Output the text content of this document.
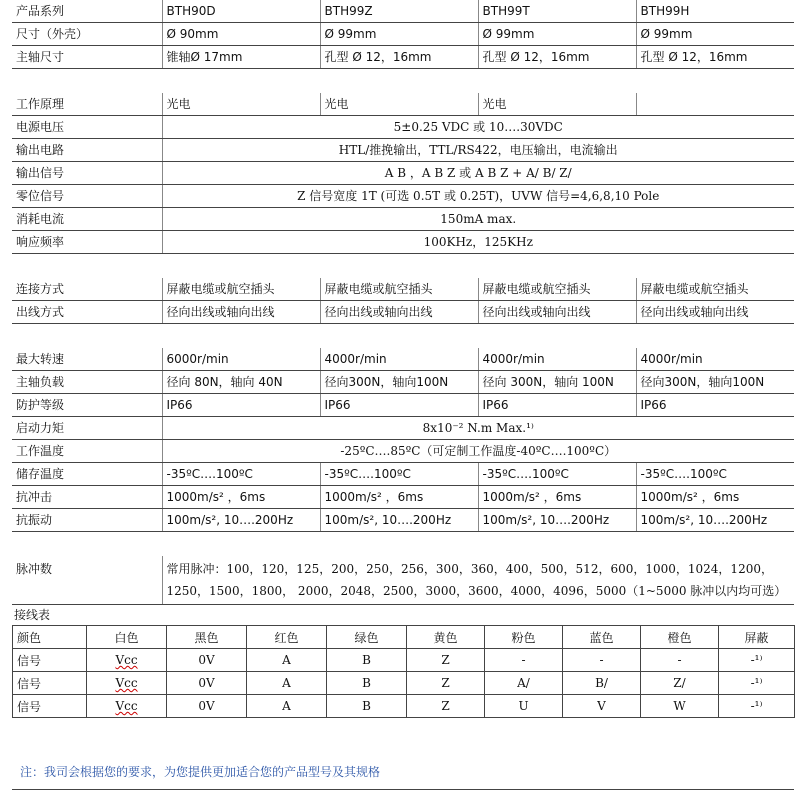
产品系列	BTH90D	BTH99Z	BTH99T	BTH99H
尺寸（外壳）	Ø 90mm	Ø 99mm	Ø 99mm	Ø 99mm
主轴尺寸	锥轴Ø 17mm	孔型 Ø 12，16mm	孔型 Ø 12，16mm	孔型 Ø 12，16mm
工作原理	光电	光电	光电	
电源电压	5±0.25 VDC 或 10….30VDC			
输出电路	HTL/推挽输出，TTL/RS422，电压输出，电流输出			
输出信号	A B ，A B Z 或 A B Z + A/ B/ Z/			
零位信号	Z 信号宽度 1T (可选 0.5T 或 0.25T)，UVW 信号=4,6,8,10 Pole			
消耗电流	150mA max.			
响应频率	100KHz，125KHz			
连接方式	屏蔽电缆或航空插头	屏蔽电缆或航空插头	屏蔽电缆或航空插头	屏蔽电缆或航空插头
出线方式	径向出线或轴向出线	径向出线或轴向出线	径向出线或轴向出线	径向出线或轴向出线
最大转速	6000r/min	4000r/min	4000r/min	4000r/min
主轴负载	径向 80N，轴向 40N	径向300N，轴向100N	径向 300N，轴向 100N	径向300N，轴向100N
防护等级	IP66	IP66	IP66	IP66
启动力矩	8x10⁻² N.m Max.¹⁾			
工作温度	-25ºC….85ºC（可定制工作温度-40ºC….100ºC）			
储存温度	-35ºC….100ºC	-35ºC….100ºC	-35ºC….100ºC	-35ºC….100ºC
抗冲击	1000m/s² ，6ms	1000m/s² ，6ms	1000m/s² ，6ms	1000m/s² ，6ms
抗振动	100m/s², 10….200Hz	100m/s², 10….200Hz	100m/s², 10….200Hz	100m/s², 10….200Hz
脉冲数	常用脉冲：100，120，125，200，250，256，300，360，400，500，512，600，1000，1024，1200，1250，1500，1800， 2000，2048，2500，3000，3600，4000，4096，5000（1~5000 脉冲以内均可选）
接线表
颜色	白色	黑色	红色	绿色	黄色	粉色	蓝色	橙色	屏蔽
信号	Vcc	0V	A	B	Z	-	-	-	-¹⁾
信号	Vcc	0V	A	B	Z	A/	B/	Z/	-¹⁾
信号	Vcc	0V	A	B	Z	U	V	W	-¹⁾
注：我司会根据您的要求，为您提供更加适合您的产品型号及其规格
